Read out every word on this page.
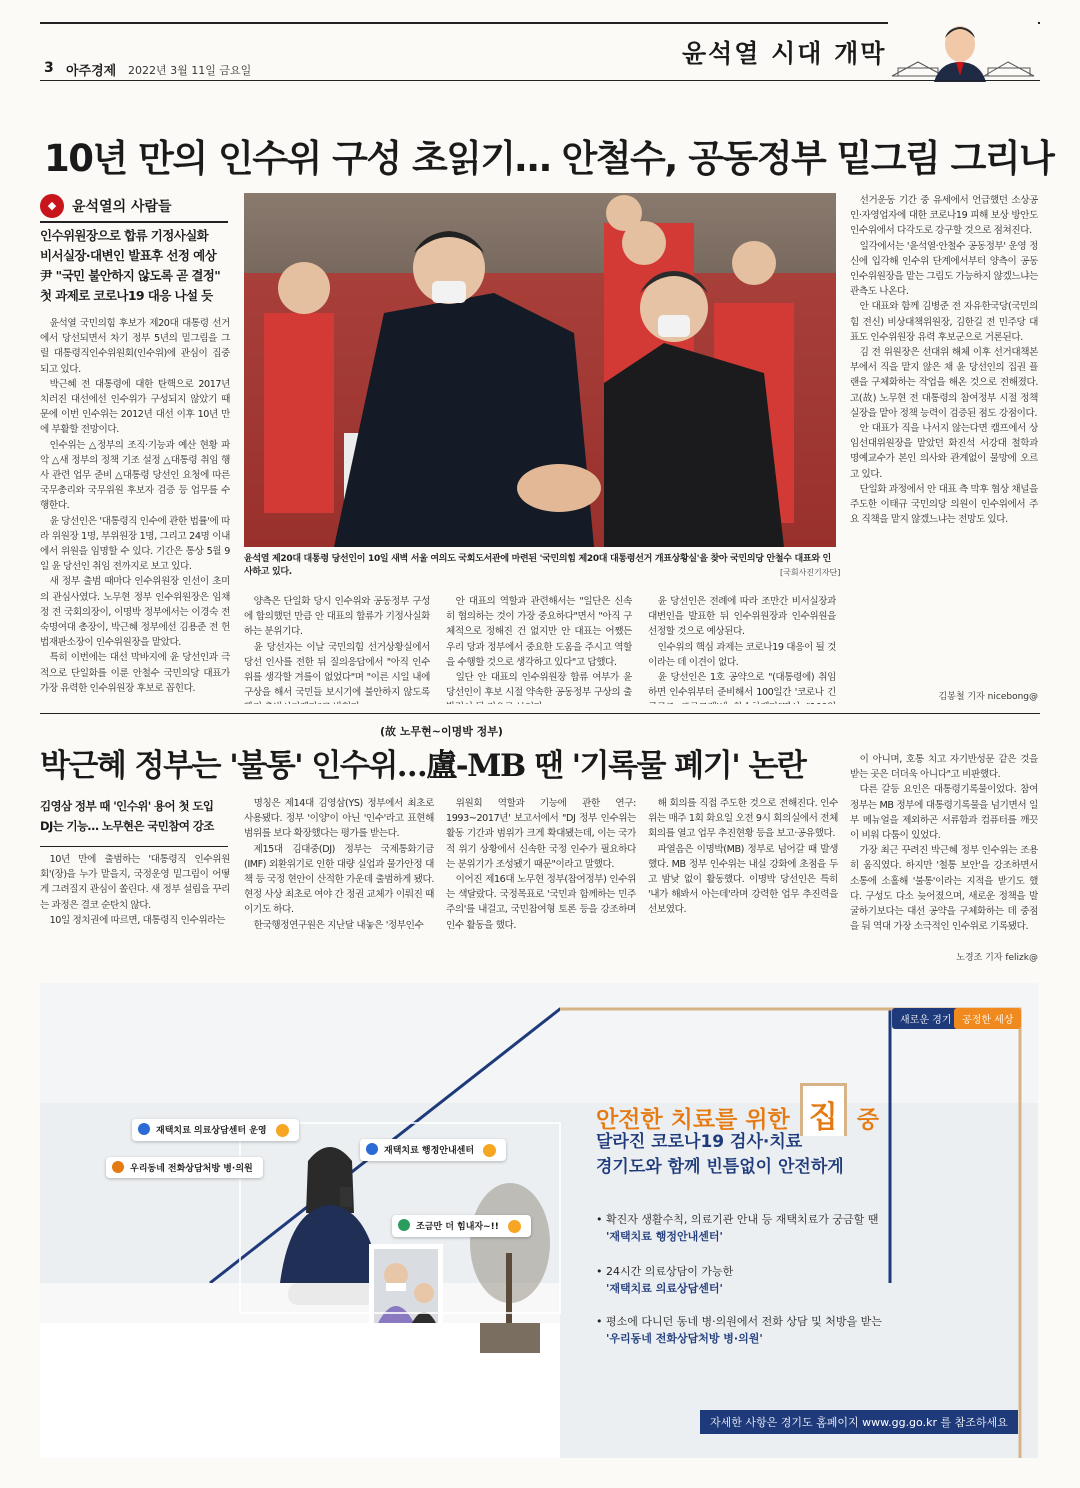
3 아주경제 2022년 3월 11일 금요일
윤석열 시대 개막
10년 만의 인수위 구성 초읽기… 안철수, 공동정부 밑그림 그리나
◆	윤석열의 사람들
인수위원장으로 합류 기정사실화
비서실장·대변인 발표후 선정 예상
尹 "국민 불안하지 않도록 곧 결정"
첫 과제로 코로나19 대응 나설 듯

윤석열 국민의힘 후보가 제20대 대통령 선거에서 당선되면서 차기 정부 5년의 밑그림을 그릴 대통령직인수위원회(인수위)에 관심이 집중되고 있다.

박근혜 전 대통령에 대한 탄핵으로 2017년 치러진 대선에선 인수위가 구성되지 않았기 때문에 이번 인수위는 2012년 대선 이후 10년 만에 부활할 전망이다.

인수위는 △정부의 조직·기능과 예산 현황 파악 △새 정부의 정책 기조 설정 △대통령 취임 행사 관련 업무 준비 △대통령 당선인 요청에 따른 국무총리와 국무위원 후보자 검증 등 업무를 수행한다.

윤 당선인은 '대통령직 인수에 관한 법률'에 따라 위원장 1명, 부위원장 1명, 그리고 24명 이내에서 위원을 임명할 수 있다. 기간은 통상 5월 9일 윤 당선인 취임 전까지로 보고 있다.

새 정부 출범 때마다 인수위원장 인선이 초미의 관심사였다. 노무현 정부 인수위원장은 임채정 전 국회의장이, 이명박 정부에서는 이경숙 전 숙명여대 총장이, 박근혜 정부에선 김용준 전 헌법재판소장이 인수위원장을 맡았다.

특히 이번에는 대선 막바지에 윤 당선인과 극적으로 단일화를 이룬 안철수 국민의당 대표가 가장 유력한 인수위원장 후보로 꼽힌다.

윤석열 제20대 대통령 당선인이 10일 새벽 서울 여의도 국회도서관에 마련된 '국민의힘 제20대 대통령선거 개표상황실'을 찾아 국민의당 안철수 대표와 인사하고 있다.	[국회사진기자단]

양측은 단일화 당시 인수위와 공동정부 구성에 합의했던 만큼 안 대표의 합류가 기정사실화하는 분위기다.

윤 당선자는 이날 국민의힘 선거상황실에서 당선 인사를 전한 뒤 질의응답에서 "아직 인수위를 생각할 겨를이 없었다"며 "이른 시일 내에 구상을 해서 국민들 보시기에 불안하지 않도록

안 대표의 역할과 관련해서는 "일단은 신속히 협의하는 것이 가장 중요하다"면서 "아직 구체적으로 정해진 건 없지만 안 대표는 어쨌든 우리 당과 정부에서 중요한 도움을 주시고 역할을 수행할 것으로 생각하고 있다"고 답했다.

일단 안 대표의 인수위원장 합류 여부가 윤 당선인이 후보 시절 약속한 공동정부 구상의 출

윤 당선인은 전례에 따라 조만간 비서실장과 대변인을 발표한 뒤 인수위원장과 인수위원을 선정할 것으로 예상된다.

인수위의 핵심 과제는 코로나19 대응이 될 것이라는 데 이견이 없다.

윤 당선인은 1호 공약으로 "(대통령에) 취임하면 인수위부터 준비해서 100일간 '코로나 긴

선거운동 기간 중 유세에서 언급했던 소상공인·자영업자에 대한 코로나19 피해 보상 방안도 인수위에서 다각도로 강구할 것으로 점쳐진다.

일각에서는 '윤석열·안철수 공동정부' 운영 정신에 입각해 인수위 단계에서부터 양측이 공동 인수위원장을 맡는 그림도 가능하지 않겠느냐는 관측도 나온다.

안 대표와 함께 김병준 전 자유한국당(국민의힘 전신) 비상대책위원장, 김한길 전 민주당 대표도 인수위원장 유력 후보군으로 거론된다.

김 전 위원장은 선대위 해체 이후 선거대책본부에서 직을 맡지 않은 채 윤 당선인의 집권 플랜을 구체화하는 작업을 해온 것으로 전해졌다. 고(故) 노무현 전 대통령의 참여정부 시절 정책실장을 맡아 정책 능력이 검증된 점도 강점이다.

안 대표가 직을 나서지 않는다면 캠프에서 상임선대위원장을 맡았던 화진석 서강대 철학과 명예교수가 본인 의사와 관계없이 물망에 오르고 있다.

단일화 과정에서 안 대표 측 막후 협상 채널을 주도한 이태규 국민의당 의원이 인수위에서 주요 직책을 맡지 않겠느냐는 전망도 있다.

김봉철 기자 nicebong@
(故 노무현~이명박 정부)
박근혜 정부는 '불통' 인수위…盧-MB 땐 '기록물 폐기' 논란
김영삼 정부 때 '인수위' 용어 첫 도입
DJ는 기능… 노무현은 국민참여 강조

10년 만에 출범하는 '대통령직 인수위원회'(장)을 누가 맡을지, 국정운영 밑그림이 어떻게 그려질지 관심이 쏠린다. 새 정부 설립을 꾸리는 과정은 결코 순탄치 않다.

10일 정치권에 따르면, 대통령직 인수위라는

명칭은 제14대 김영삼(YS) 정부에서 최초로 사용됐다. 정부 '이양'이 아닌 '인수'라고 표현해 범위를 보다 확장했다는 평가를 받는다.

제15대 김대중(DJ) 정부는 국제통화기금(IMF) 외환위기로 인한 대량 실업과 물가안정 대책 등 국정 현안이 산적한 가운데 출범하게 됐다. 현정 사상 최초로 여야 간 정권 교체가 이뤄진 때이기도 하다.

한국행정연구원은 지난달 내놓은 '정부인수

위원회 역할과 기능에 관한 연구: 1993~2017년' 보고서에서 "DJ 정부 인수위는 활동 기간과 범위가 크게 확대됐는데, 이는 국가적 위기 상황에서 신속한 국정 인수가 필요하다는 분위기가 조성됐기 때문"이라고 말했다.

이어진 제16대 노무현 정부(참여정부) 인수위는 색달랐다. 국정목표로 '국민과 함께하는 민주주의'를 내걸고, 국민참여형 토론 등을 강조하며 인수 활동을 했다.

해 회의를 직접 주도한 것으로 전해진다. 인수위는 매주 1회 화요일 오전 9시 회의실에서 전체회의를 열고 업무 추진현황 등을 보고·공유했다.

파열음은 이명박(MB) 정부로 넘어갈 때 발생했다. MB 정부 인수위는 내실 강화에 초점을 두고 밤낮 없이 활동했다. 이명박 당선인은 특히 '내가 해봐서 아는데'라며 강력한 업무 추진력을 선보였다.

이 아니며, 호통 치고 자기반성문 같은 것을 받는 곳은 더더욱 아니다"고 비판했다.

다른 갈등 요인은 대통령기록물이었다. 참여정부는 MB 정부에 대통령기록물을 넘기면서 일부 메뉴얼을 제외하곤 서류함과 컴퓨터를 깨끗이 비워 다툼이 있었다.

가장 최근 꾸려진 박근혜 정부 인수위는 조용히 움직였다. 하지만 '철통 보안'을 강조하면서 소통에 소홀해 '불통'이라는 지적을 받기도 했다. 구성도 다소 늦어졌으며, 새로운 정책을 발굴하기보다는 대선 공약을 구체화하는 데 중점을 둬 역대 가장 소극적인 인수위로 기록됐다.

노경조 기자 felizk@
새로운 경기	공정한 세상
재택치료 의료상담센터 운영
우리동네 전화상담처방 병·의원
재택치료 행정안내센터
조금만 더 힘내자~!!
안전한 치료를 위한 집 중
달라진 코로나19 검사·치료
경기도와 함께 빈틈없이 안전하게
• 확진자 생활수칙, 의료기관 안내 등 재택치료가 궁금할 땐
'재택치료 행정안내센터'
• 24시간 의료상담이 가능한
'재택치료 의료상담센터'
• 평소에 다니던 동네 병·의원에서 전화 상담 및 처방을 받는
'우리동네 전화상담처방 병·의원'
자세한 사항은 경기도 홈페이지 www.gg.go.kr 를 참조하세요
